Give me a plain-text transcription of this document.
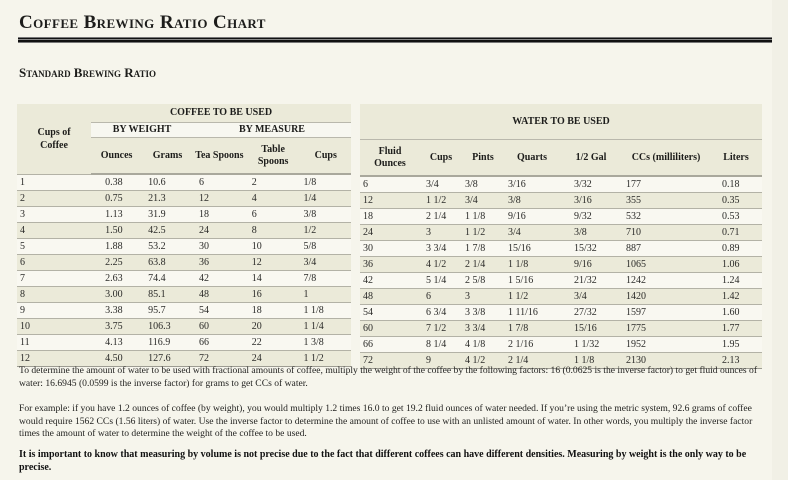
Coffee Brewing Ratio Chart
Standard Brewing Ratio
Cups of Coffee	COFFEE TO BE USED				
	BY WEIGHT		BY MEASURE		
	Ounces	Grams	Tea Spoons	Table Spoons	Cups
1	0.38	10.6	6	2	1/8
2	0.75	21.3	12	4	1/4
3	1.13	31.9	18	6	3/8
4	1.50	42.5	24	8	1/2
5	1.88	53.2	30	10	5/8
6	2.25	63.8	36	12	3/4
7	2.63	74.4	42	14	7/8
8	3.00	85.1	48	16	1
9	3.38	95.7	54	18	1 1/8
10	3.75	106.3	60	20	1 1/4
11	4.13	116.9	66	22	1 3/8
12	4.50	127.6	72	24	1 1/2
WATER TO BE USED						
Fluid Ounces	Cups	Pints	Quarts	1/2 Gal	CCs (milliliters)	Liters
6	3/4	3/8	3/16	3/32	177	0.18
12	1 1/2	3/4	3/8	3/16	355	0.35
18	2 1/4	1 1/8	9/16	9/32	532	0.53
24	3	1 1/2	3/4	3/8	710	0.71
30	3 3/4	1 7/8	15/16	15/32	887	0.89
36	4 1/2	2 1/4	1 1/8	9/16	1065	1.06
42	5 1/4	2 5/8	1 5/16	21/32	1242	1.24
48	6	3	1 1/2	3/4	1420	1.42
54	6 3/4	3 3/8	1 11/16	27/32	1597	1.60
60	7 1/2	3 3/4	1 7/8	15/16	1775	1.77
66	8 1/4	4 1/8	2 1/16	1 1/32	1952	1.95
72	9	4 1/2	2 1/4	1 1/8	2130	2.13

To determine the amount of water to be used with fractional amounts of coffee, multiply the weight of the coffee by the following factors: 16 (0.0625 is the inverse factor) to get fluid ounces of water: 16.6945 (0.0599 is the inverse factor) for grams to get CCs of water.

For example: if you have 1.2 ounces of coffee (by weight), you would multiply 1.2 times 16.0 to get 19.2 fluid ounces of water needed. If you’re using the metric system, 92.6 grams of coffee would require 1562 CCs (1.56 liters) of water. Use the inverse factor to determine the amount of coffee to use with an unlisted amount of water. In other words, you multiply the inverse factor times the amount of water to determine the weight of the coffee to be used.

It is important to know that measuring by volume is not precise due to the fact that different coffees can have different densities. Measuring by weight is the only way to be precise.
